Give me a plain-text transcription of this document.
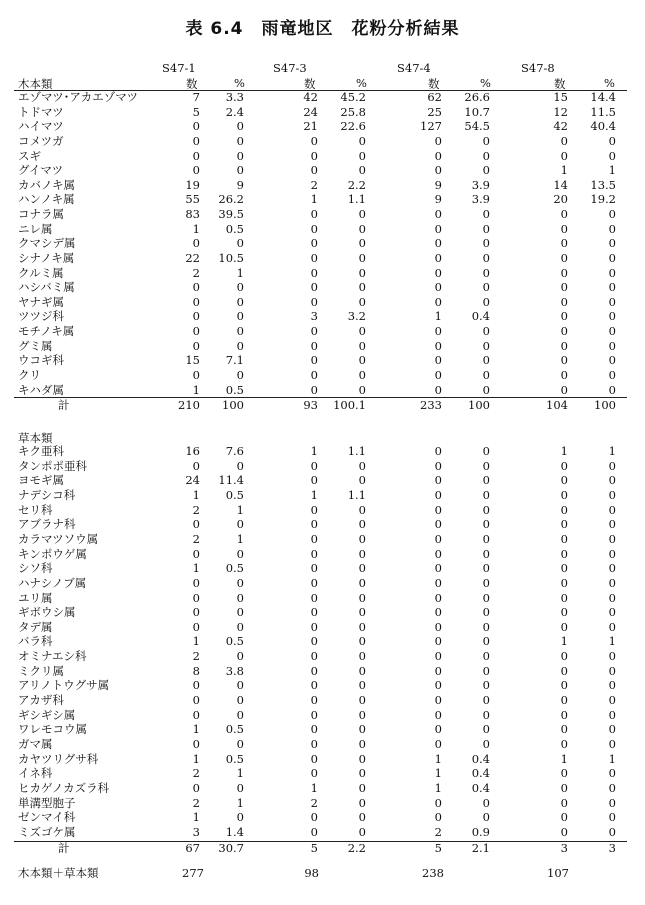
表 6.4　雨竜地区　花粉分析結果
S47-1	S47-3	S47-4	S47-8
木本類	数	%	数	%	数	%	数	%
エゾマツ･アカエゾマツ	7	3.3	42	45.2	62	26.6	15	14.4
トドマツ	5	2.4	24	25.8	25	10.7	12	11.5
ハイマツ	0	0	21	22.6	127	54.5	42	40.4
コメツガ	0	0	0	0	0	0	0	0
スギ	0	0	0	0	0	0	0	0
グイマツ	0	0	0	0	0	0	1	1
カバノキ属	19	9	2	2.2	9	3.9	14	13.5
ハンノキ属	55	26.2	1	1.1	9	3.9	20	19.2
コナラ属	83	39.5	0	0	0	0	0	0
ニレ属	1	0.5	0	0	0	0	0	0
クマシデ属	0	0	0	0	0	0	0	0
シナノキ属	22	10.5	0	0	0	0	0	0
クルミ属	2	1	0	0	0	0	0	0
ハシバミ属	0	0	0	0	0	0	0	0
ヤナギ属	0	0	0	0	0	0	0	0
ツツジ科	0	0	3	3.2	1	0.4	0	0
モチノキ属	0	0	0	0	0	0	0	0
グミ属	0	0	0	0	0	0	0	0
ウコギ科	15	7.1	0	0	0	0	0	0
クリ	0	0	0	0	0	0	0	0
キハダ属	1	0.5	0	0	0	0	0	0
計	210	100	93	100.1	233	100	104	100
草本類
キク亜科	16	7.6	1	1.1	0	0	1	1
タンポポ亜科	0	0	0	0	0	0	0	0
ヨモギ属	24	11.4	0	0	0	0	0	0
ナデシコ科	1	0.5	1	1.1	0	0	0	0
セリ科	2	1	0	0	0	0	0	0
アブラナ科	0	0	0	0	0	0	0	0
カラマツソウ属	2	1	0	0	0	0	0	0
キンポウゲ属	0	0	0	0	0	0	0	0
シソ科	1	0.5	0	0	0	0	0	0
ハナシノブ属	0	0	0	0	0	0	0	0
ユリ属	0	0	0	0	0	0	0	0
ギボウシ属	0	0	0	0	0	0	0	0
タデ属	0	0	0	0	0	0	0	0
バラ科	1	0.5	0	0	0	0	1	1
オミナエシ科	2	0	0	0	0	0	0	0
ミクリ属	8	3.8	0	0	0	0	0	0
アリノトウグサ属	0	0	0	0	0	0	0	0
アカザ科	0	0	0	0	0	0	0	0
ギシギシ属	0	0	0	0	0	0	0	0
ワレモコウ属	1	0.5	0	0	0	0	0	0
ガマ属	0	0	0	0	0	0	0	0
カヤツリグサ科	1	0.5	0	0	1	0.4	1	1
イネ科	2	1	0	0	1	0.4	0	0
ヒカゲノカズラ科	0	0	1	0	1	0.4	0	0
単溝型胞子	2	1	2	0	0	0	0	0
ゼンマイ科	1	0	0	0	0	0	0	0
ミズゴケ属	3	1.4	0	0	2	0.9	0	0
計	67	30.7	5	2.2	5	2.1	3	3
木本類＋草本類	277	98	238	107
